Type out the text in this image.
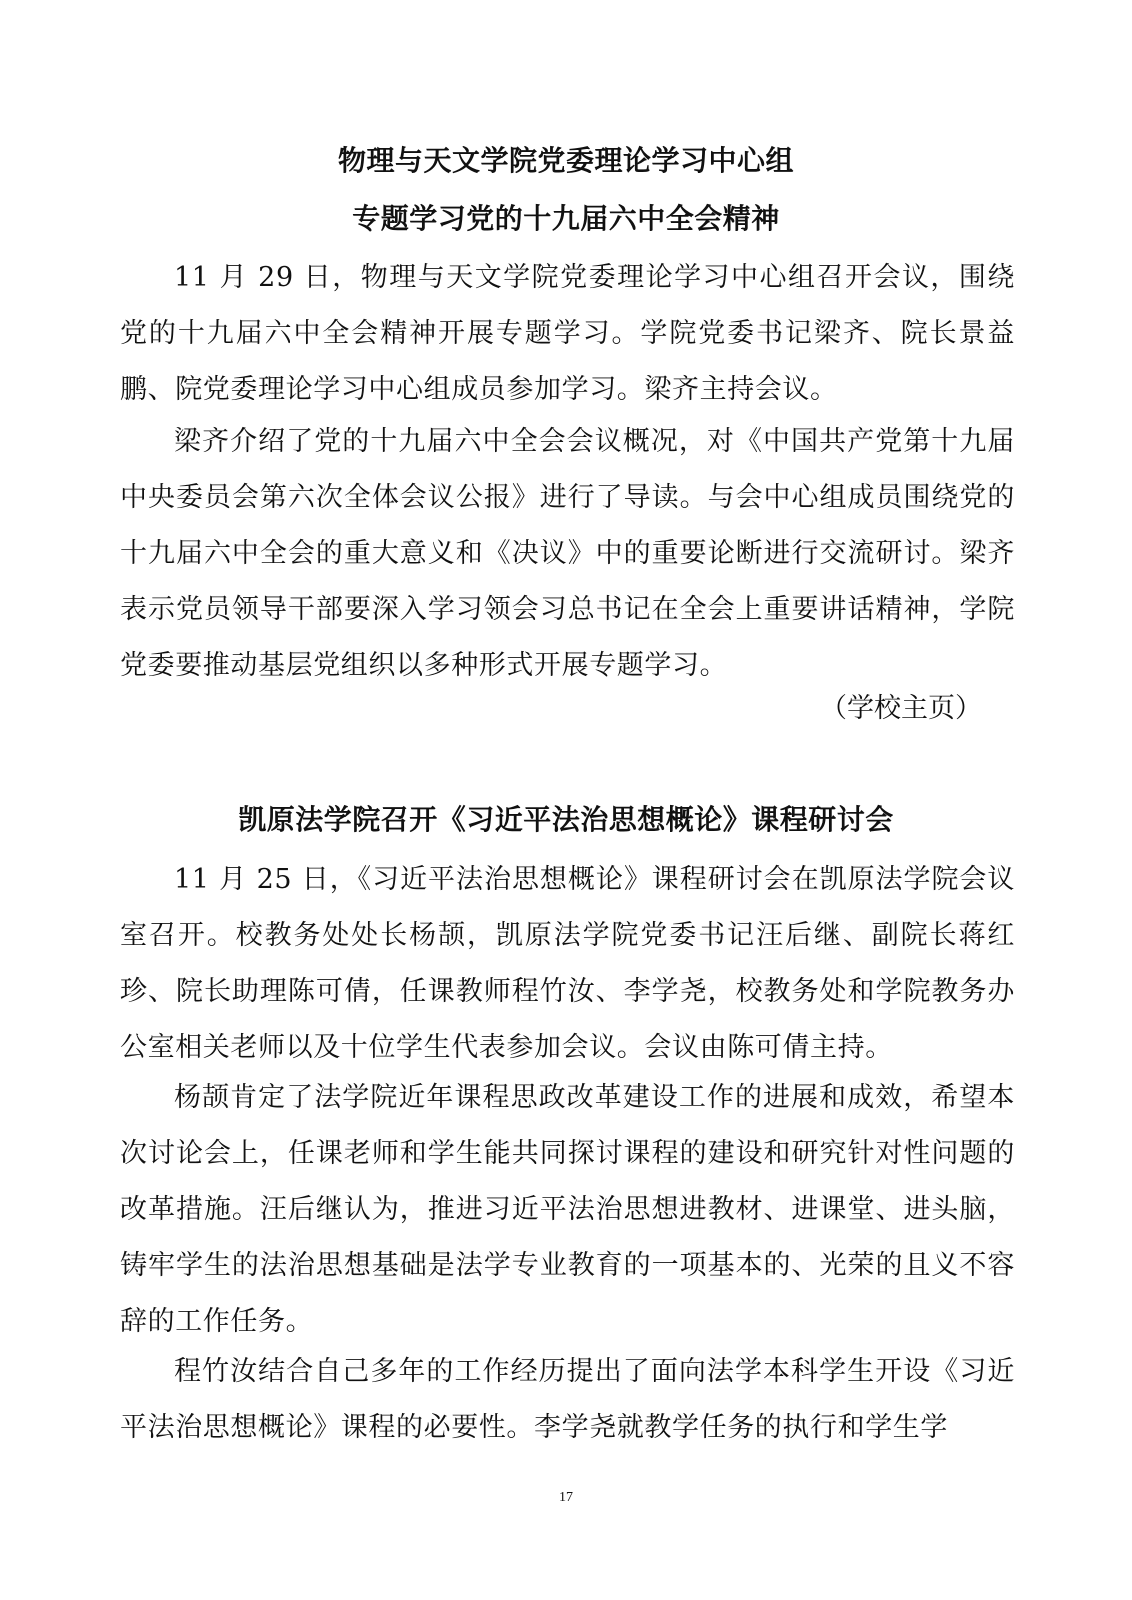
物理与天文学院党委理论学习中心组
专题学习党的十九届六中全会精神

11 月 29 日，物理与天文学院党委理论学习中心组召开会议，围绕党的十九届六中全会精神开展专题学习。学院党委书记梁齐、院长景益鹏、院党委理论学习中心组成员参加学习。梁齐主持会议。

梁齐介绍了党的十九届六中全会会议概况，对《中国共产党第十九届中央委员会第六次全体会议公报》进行了导读。与会中心组成员围绕党的十九届六中全会的重大意义和《决议》中的重要论断进行交流研讨。梁齐表示党员领导干部要深入学习领会习总书记在全会上重要讲话精神，学院党委要推动基层党组织以多种形式开展专题学习。

（学校主页）

凯原法学院召开《习近平法治思想概论》课程研讨会

11 月 25 日，《习近平法治思想概论》课程研讨会在凯原法学院会议室召开。校教务处处长杨颉，凯原法学院党委书记汪后继、副院长蒋红珍、院长助理陈可倩，任课教师程竹汝、李学尧，校教务处和学院教务办公室相关老师以及十位学生代表参加会议。会议由陈可倩主持。

杨颉肯定了法学院近年课程思政改革建设工作的进展和成效，希望本次讨论会上，任课老师和学生能共同探讨课程的建设和研究针对性问题的改革措施。汪后继认为，推进习近平法治思想进教材、进课堂、进头脑，铸牢学生的法治思想基础是法学专业教育的一项基本的、光荣的且义不容辞的工作任务。

程竹汝结合自己多年的工作经历提出了面向法学本科学生开设《习近平法治思想概论》课程的必要性。李学尧就教学任务的执行和学生学

17
